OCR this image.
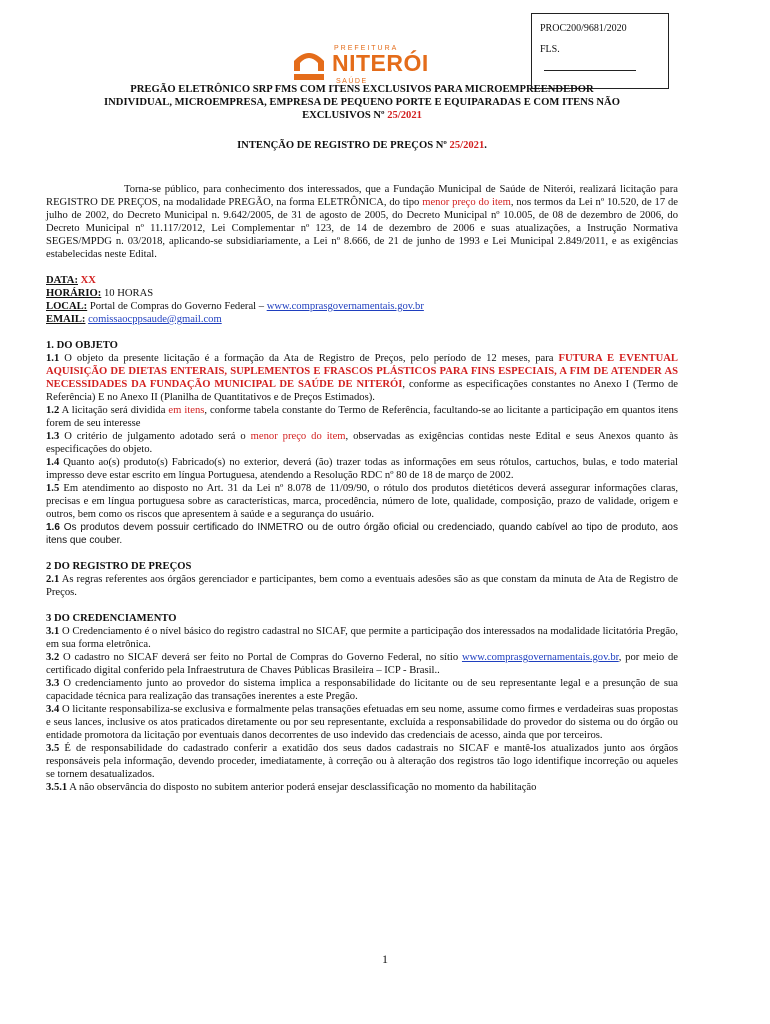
PROC200/9681/2020
FLS.
PREFEITURA
NITERÓI
SAÚDE
PREGÃO ELETRÔNICO SRP FMS COM ITENS EXCLUSIVOS PARA MICROEMPREENDEDOR
INDIVIDUAL, MICROEMPRESA, EMPRESA DE PEQUENO PORTE E EQUIPARADAS E COM ITENS NÃO
EXCLUSIVOS Nº 25/2021
INTENÇÃO DE REGISTRO DE PREÇOS Nº 25/2021.

Torna-se público, para conhecimento dos interessados, que a Fundação Municipal de Saúde de Niterói, realizará licitação para REGISTRO DE PREÇOS, na modalidade PREGÃO, na forma ELETRÔNICA, do tipo menor preço do item, nos termos da Lei nº 10.520, de 17 de julho de 2002, do Decreto Municipal n. 9.642/2005, de 31 de agosto de 2005, do Decreto Municipal nº 10.005, de 08 de dezembro de 2006, do Decreto Municipal nº 11.117/2012, Lei Complementar nº 123, de 14 de dezembro de 2006 e suas atualizações, a Instrução Normativa SEGES/MPDG n. 03/2018, aplicando-se subsidiariamente, a Lei nº 8.666, de 21 de junho de 1993 e Lei Municipal 2.849/2011, e as exigências estabelecidas neste Edital.

DATA: XX
HORÁRIO: 10 HORAS
LOCAL: Portal de Compras do Governo Federal – www.comprasgovernamentais.gov.br
EMAIL: comissaocppsaude@gmail.com
1. DO OBJETO

1.1 O objeto da presente licitação é a formação da Ata de Registro de Preços, pelo período de 12 meses, para FUTURA E EVENTUAL AQUISIÇÃO DE DIETAS ENTERAIS, SUPLEMENTOS E FRASCOS PLÁSTICOS PARA FINS ESPECIAIS, A FIM DE ATENDER AS NECESSIDADES DA FUNDAÇÃO MUNICIPAL DE SAÚDE DE NITERÓI, conforme as especificações constantes no Anexo I (Termo de Referência) E no Anexo II (Planilha de Quantitativos e de Preços Estimados).

1.2 A licitação será dividida em itens, conforme tabela constante do Termo de Referência, facultando-se ao licitante a participação em quantos itens forem de seu interesse

1.3 O critério de julgamento adotado será o menor preço do item, observadas as exigências contidas neste Edital e seus Anexos quanto às especificações do objeto.

1.4 Quanto ao(s) produto(s) Fabricado(s) no exterior, deverá (ão) trazer todas as informações em seus rótulos, cartuchos, bulas, e todo material impresso deve estar escrito em língua Portuguesa, atendendo a Resolução RDC nº 80 de 18 de março de 2002.

1.5 Em atendimento ao disposto no Art. 31 da Lei nº 8.078 de 11/09/90, o rótulo dos produtos dietéticos deverá assegurar informações claras, precisas e em língua portuguesa sobre as características, marca, procedência, número de lote, qualidade, composição, prazo de validade, origem e outros, bem como os riscos que apresentem à saúde e a segurança do usuário.

1.6 Os produtos devem possuir certificado do INMETRO ou de outro órgão oficial ou credenciado, quando cabível ao tipo de produto, aos itens que couber.

2 DO REGISTRO DE PREÇOS

2.1 As regras referentes aos órgãos gerenciador e participantes, bem como a eventuais adesões são as que constam da minuta de Ata de Registro de Preços.

3 DO CREDENCIAMENTO

3.1 O Credenciamento é o nível básico do registro cadastral no SICAF, que permite a participação dos interessados na modalidade licitatória Pregão, em sua forma eletrônica.

3.2 O cadastro no SICAF deverá ser feito no Portal de Compras do Governo Federal, no sítio www.comprasgovernamentais.gov.br, por meio de certificado digital conferido pela Infraestrutura de Chaves Públicas Brasileira – ICP - Brasil..

3.3 O credenciamento junto ao provedor do sistema implica a responsabilidade do licitante ou de seu representante legal e a presunção de sua capacidade técnica para realização das transações inerentes a este Pregão.

3.4 O licitante responsabiliza-se exclusiva e formalmente pelas transações efetuadas em seu nome, assume como firmes e verdadeiras suas propostas e seus lances, inclusive os atos praticados diretamente ou por seu representante, excluída a responsabilidade do provedor do sistema ou do órgão ou entidade promotora da licitação por eventuais danos decorrentes de uso indevido das credenciais de acesso, ainda que por terceiros.

3.5 É de responsabilidade do cadastrado conferir a exatidão dos seus dados cadastrais no SICAF e mantê-los atualizados junto aos órgãos responsáveis pela informação, devendo proceder, imediatamente, à correção ou à alteração dos registros tão logo identifique incorreção ou aqueles se tornem desatualizados.

3.5.1 A não observância do disposto no subitem anterior poderá ensejar desclassificação no momento da habilitação

1
